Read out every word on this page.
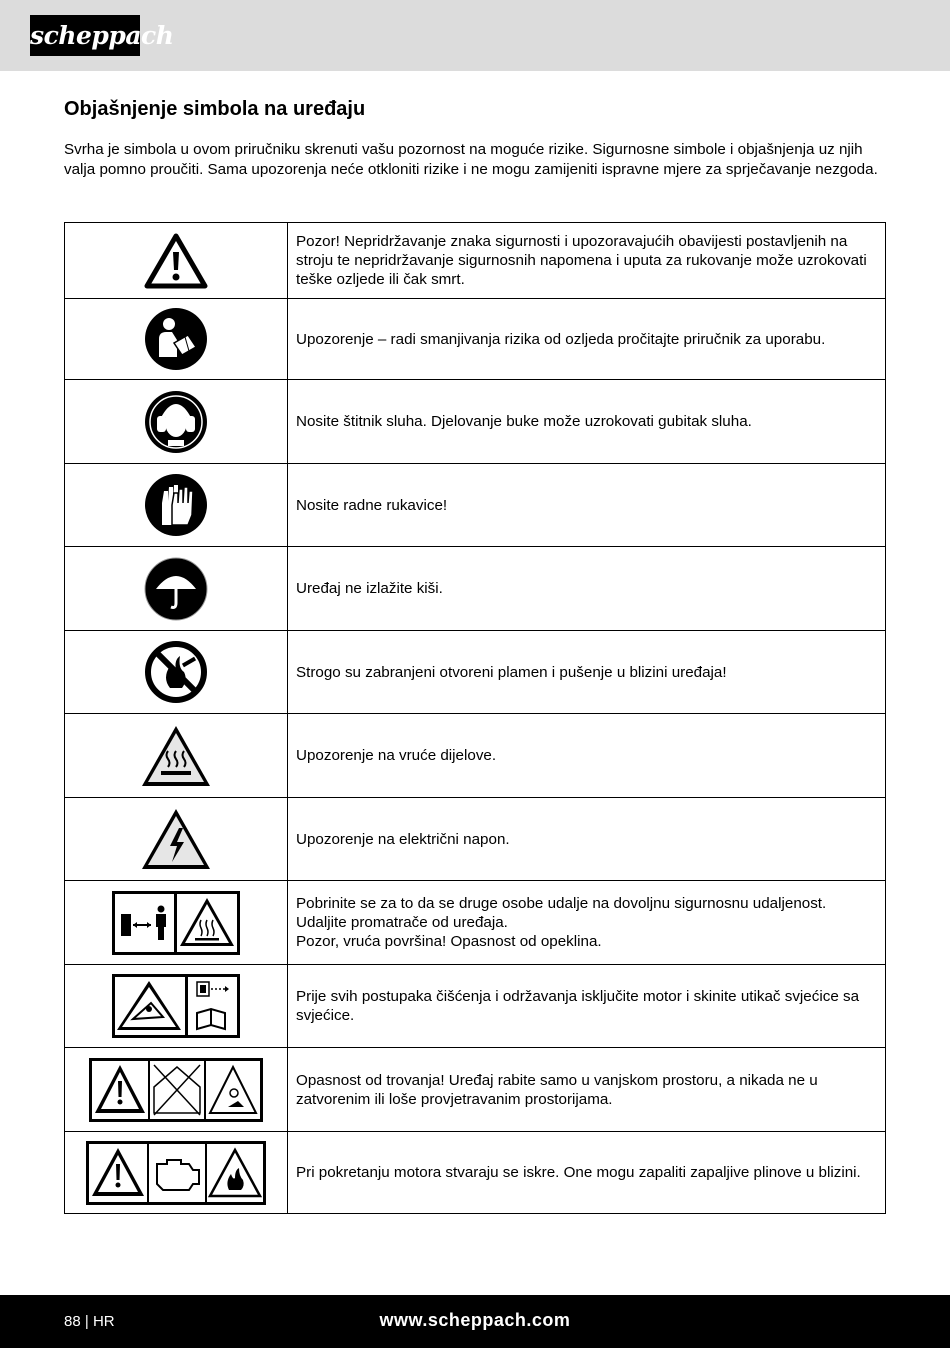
scheppach
Objašnjenje simbola na uređaju

Svrha je simbola u ovom priručniku skrenuti vašu pozornost na moguće rizike. Sigurnosne simbole i objašnjenja uz njih valja pomno proučiti. Sama upozorenja neće otkloniti rizike i ne mogu zamijeniti ispravne mjere za sprječavanje nezgoda.

	Pozor! Nepridržavanje znaka sigurnosti i upozoravajućih obavijesti postavljenih na stroju te nepridržavanje sigurnosnih napomena i uputa za rukovanje može uzrokovati teške ozljede ili čak smrt.

	Upozorenje – radi smanjivanja rizika od ozljeda pročitajte priručnik za uporabu.

	Nosite štitnik sluha. Djelovanje buke može uzrokovati gubitak sluha.

	Nosite radne rukavice!

	Uređaj ne izlažite kiši.

	Strogo su zabranjeni otvoreni plamen i pušenje u blizini uređaja!

	Upozorenje na vruće dijelove.

	Upozorenje na električni napon.

	Pobrinite se za to da se druge osobe udalje na dovoljnu sigurnosnu udaljenost.
Udaljite promatrače od uređaja.
Pozor, vruća površina! Opasnost od opeklina.

	Prije svih postupaka čišćenja i održavanja isključite motor i skinite utikač svjećice sa svjećice.

	Opasnost od trovanja! Uređaj rabite samo u vanjskom prostoru, a nikada ne u zatvorenim ili loše provjetravanim prostorijama.

	Pri pokretanju motora stvaraju se iskre. One mogu zapaliti zapaljive plinove u blizini.
88 | HR	www.scheppach.com
